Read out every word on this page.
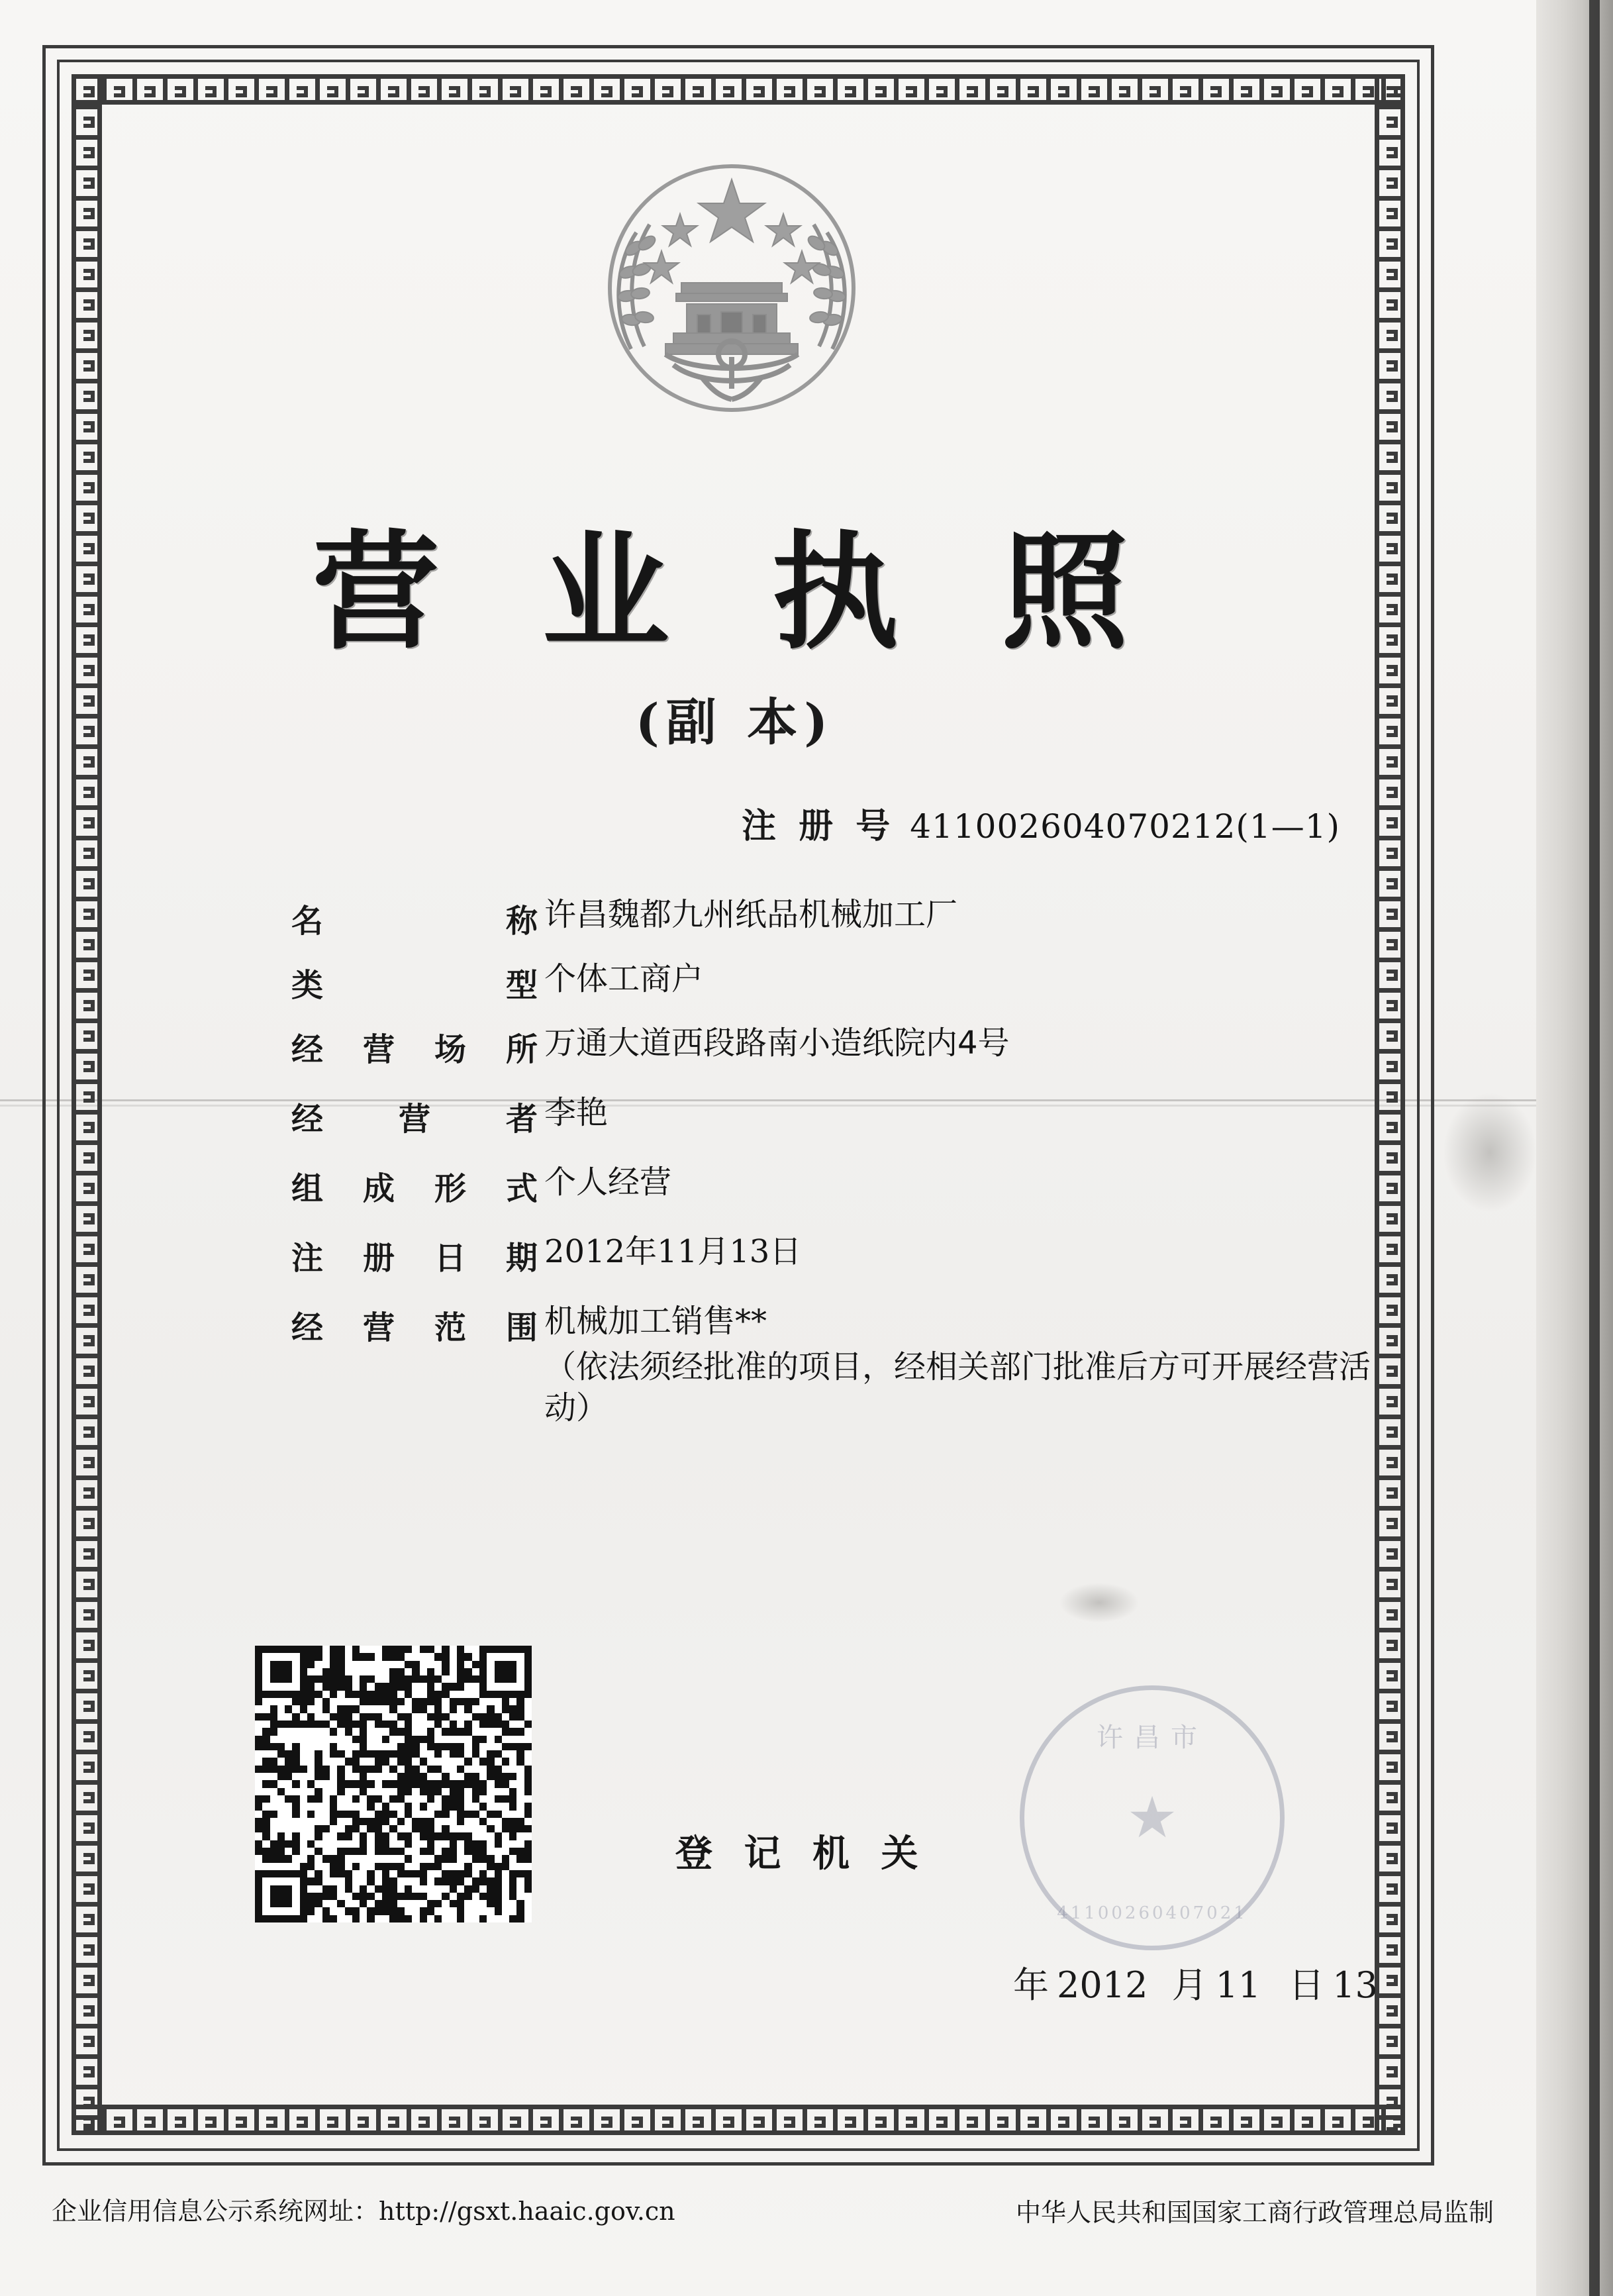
营 业 执 照
(副 本)
注 册 号 411002604070212(1—1)
名	称 许昌魏都九州纸品机械加工厂
类	型 个体工商户
经 营 场 所 万通大道西段路南小造纸院内4号
经 营 者 李艳
组 成 形 式 个人经营
注 册 日 期 2012年11月13日
经 营 范 围 机械加工销售**
（依法须经批准的项目，经相关部门批准后方可开展经营活动）
登 记 机 关
许昌市
★
41100260407021
年 2012 月 11 日 13
企业信用信息公示系统网址：http://gsxt.haaic.gov.cn	中华人民共和国国家工商行政管理总局监制
